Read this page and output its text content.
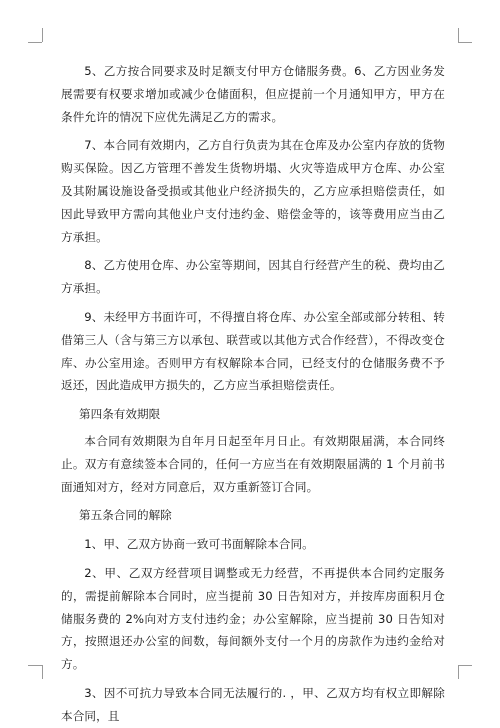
5、乙方按合同要求及时足额支付甲方仓储服务费。6、乙方因业务发展需要有权要求增加或减少仓储面积，但应提前一个月通知甲方，甲方在条件允许的情况下应优先满足乙方的需求。

7、本合同有效期内，乙方自行负责为其在仓库及办公室内存放的货物购买保险。因乙方管理不善发生货物坍塌、火灾等造成甲方仓库、办公室及其附属设施设备受损或其他业户经济损失的，乙方应承担赔偿责任，如因此导致甲方需向其他业户支付违约金、赔偿金等的，该等费用应当由乙方承担。

8、乙方使用仓库、办公室等期间，因其自行经营产生的税、费均由乙方承担。

9、未经甲方书面许可，不得擅自将仓库、办公室全部或部分转租、转借第三人（含与第三方以承包、联营或以其他方式合作经营），不得改变仓库、办公室用途。否则甲方有权解除本合同，已经支付的仓储服务费不予返还，因此造成甲方损失的，乙方应当承担赔偿责任。

第四条有效期限

本合同有效期限为自年月日起至年月日止。有效期限届满，本合同终止。双方有意续签本合同的，任何一方应当在有效期限届满的 1 个月前书面通知对方，经对方同意后，双方重新签订合同。

第五条合同的解除

1、甲、乙双方协商一致可书面解除本合同。

2、甲、乙双方经营项目调整或无力经营，不再提供本合同约定服务的，需提前解除本合同时，应当提前 30 日告知对方，并按库房面积月仓储服务费的 2%向对方支付违约金；办公室解除，应当提前 30 日告知对方，按照退还办公室的间数，每间额外支付一个月的房款作为违约金给对方。

3、因不可抗力导致本合同无法履行的. ，甲、乙双方均有权立即解除本合同，且
